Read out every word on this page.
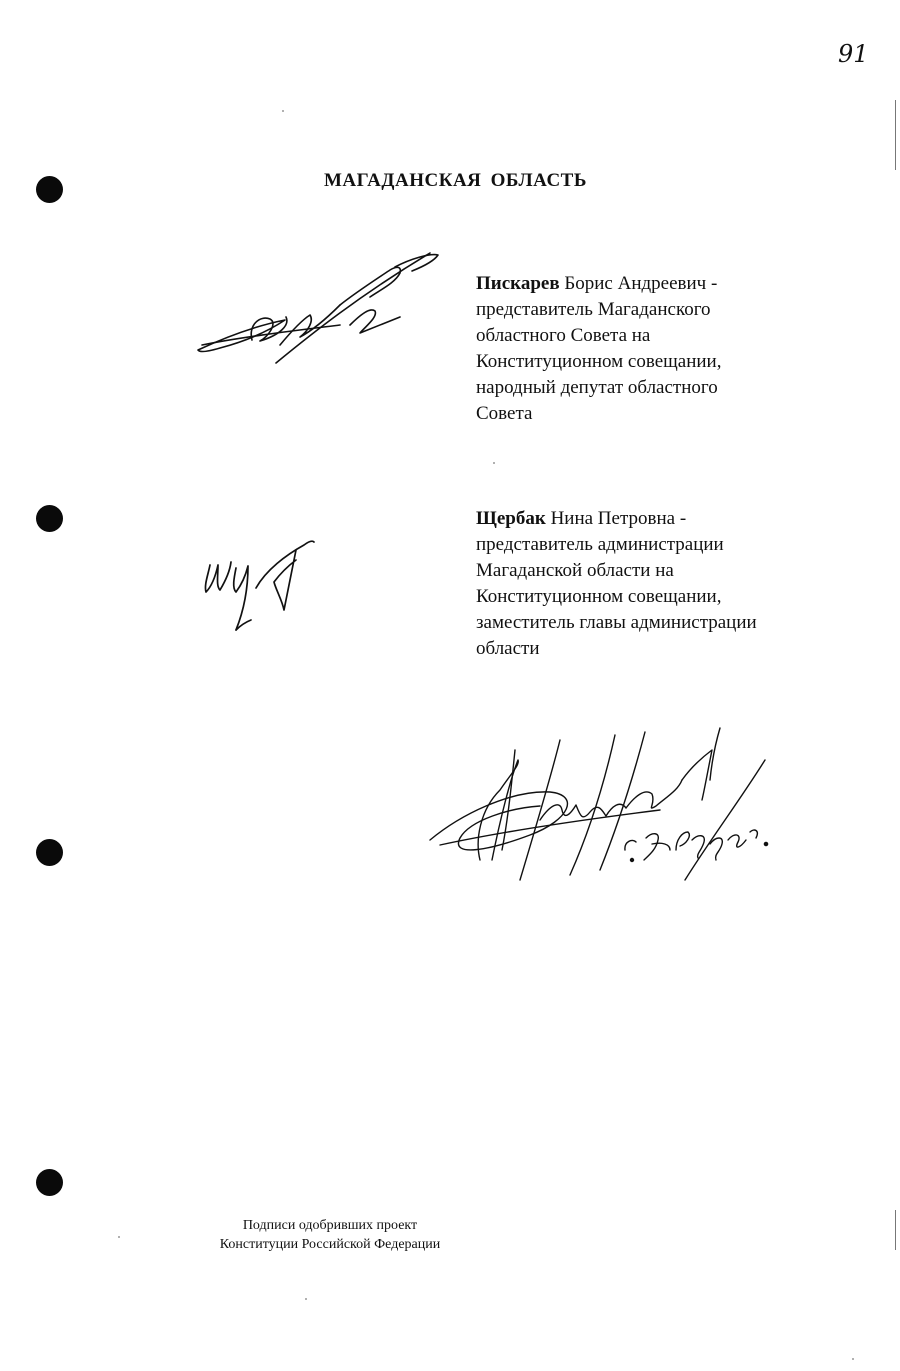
91
МАГАДАНСКАЯ ОБЛАСТЬ
Пискарев Борис Андреевич -
представитель Магаданского
областного Совета на
Конституционном совещании,
народный депутат областного
Совета
Щербак Нина Петровна -
представитель администрации
Магаданской области на
Конституционном совещании,
заместитель главы администрации
области
Подписи одобривших проект
Конституции Российской Федерации
